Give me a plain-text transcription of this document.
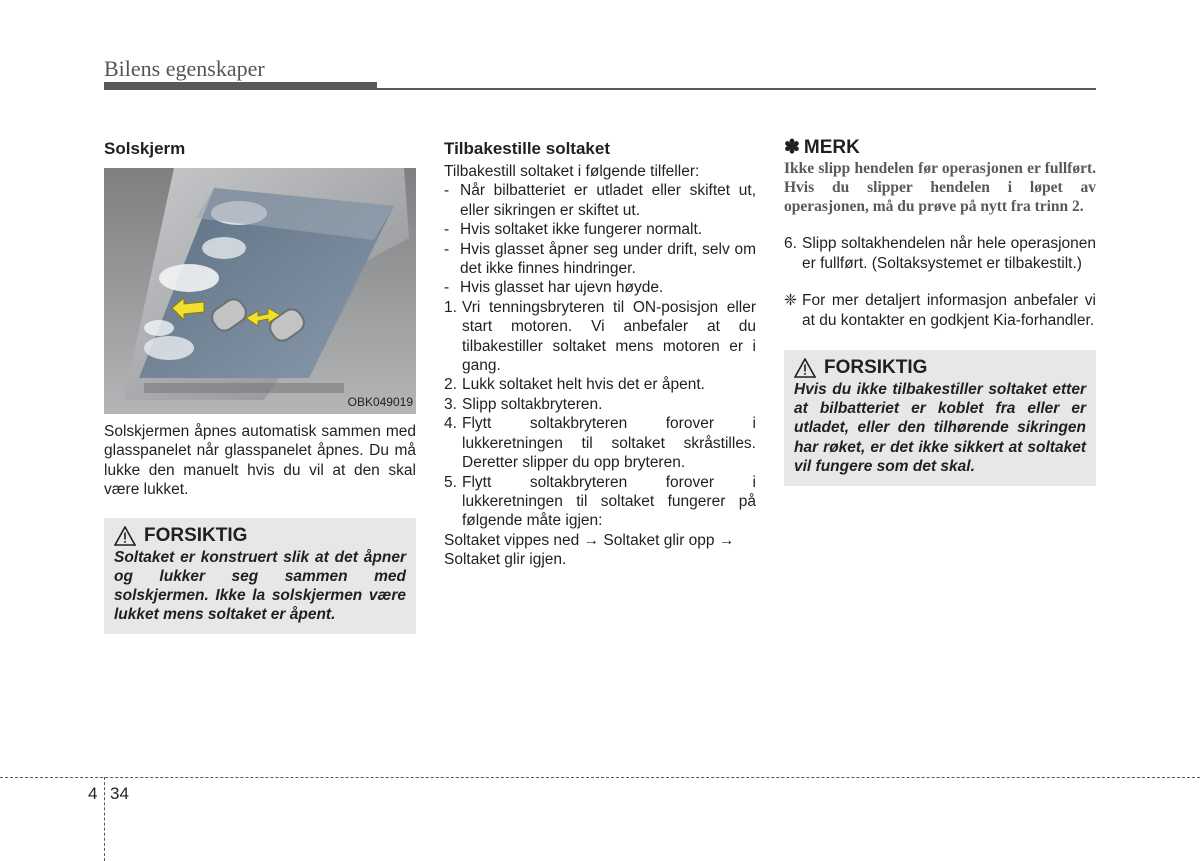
Bilens egenskaper
Solskjerm
OBK049019

Solskjermen åpnes automatisk sammen med glasspanelet når glasspanelet åpnes. Du må lukke den manuelt hvis du vil at den skal være lukket.

FORSIKTIG
Soltaket er konstruert slik at det åpner og lukker seg sammen med solskjermen. Ikke la solskjermen være lukket mens soltaket er åpent.
Tilbakestille soltaket

Tilbakestill soltaket i følgende tilfeller:

- Når bilbatteriet er utladet eller skiftet ut, eller sikringen er skiftet ut.
- Hvis soltaket ikke fungerer normalt.
- Hvis glasset åpner seg under drift, selv om det ikke finnes hindringer.
- Hvis glasset har ujevn høyde.
1. Vri tenningsbryteren til ON-posisjon eller start motoren. Vi anbefaler at du tilbakestiller soltaket mens motoren er i gang.
2. Lukk soltaket helt hvis det er åpent.
3. Slipp soltakbryteren.
4. Flytt soltakbryteren forover i lukkeretningen til soltaket skråstilles. Deretter slipper du opp bryteren.
5. Flytt soltakbryteren forover i lukkeretningen til soltaket fungerer på følgende måte igjen:

Soltaket vippes ned → Soltaket glir opp → Soltaket glir igjen.

✽ MERK
Ikke slipp hendelen før operasjonen er fullført. Hvis du slipper hendelen i løpet av operasjonen, må du prøve på nytt fra trinn 2.
6. Slipp soltakhendelen når hele operasjonen er fullført. (Soltaksystemet er tilbakestilt.)
❈ For mer detaljert informasjon anbefaler vi at du kontakter en godkjent Kia-forhandler.
FORSIKTIG
Hvis du ikke tilbakestiller soltaket etter at bilbatteriet er koblet fra eller er utladet, eller den tilhørende sikringen har røket, er det ikke sikkert at soltaket vil fungere som det skal.
4 34
